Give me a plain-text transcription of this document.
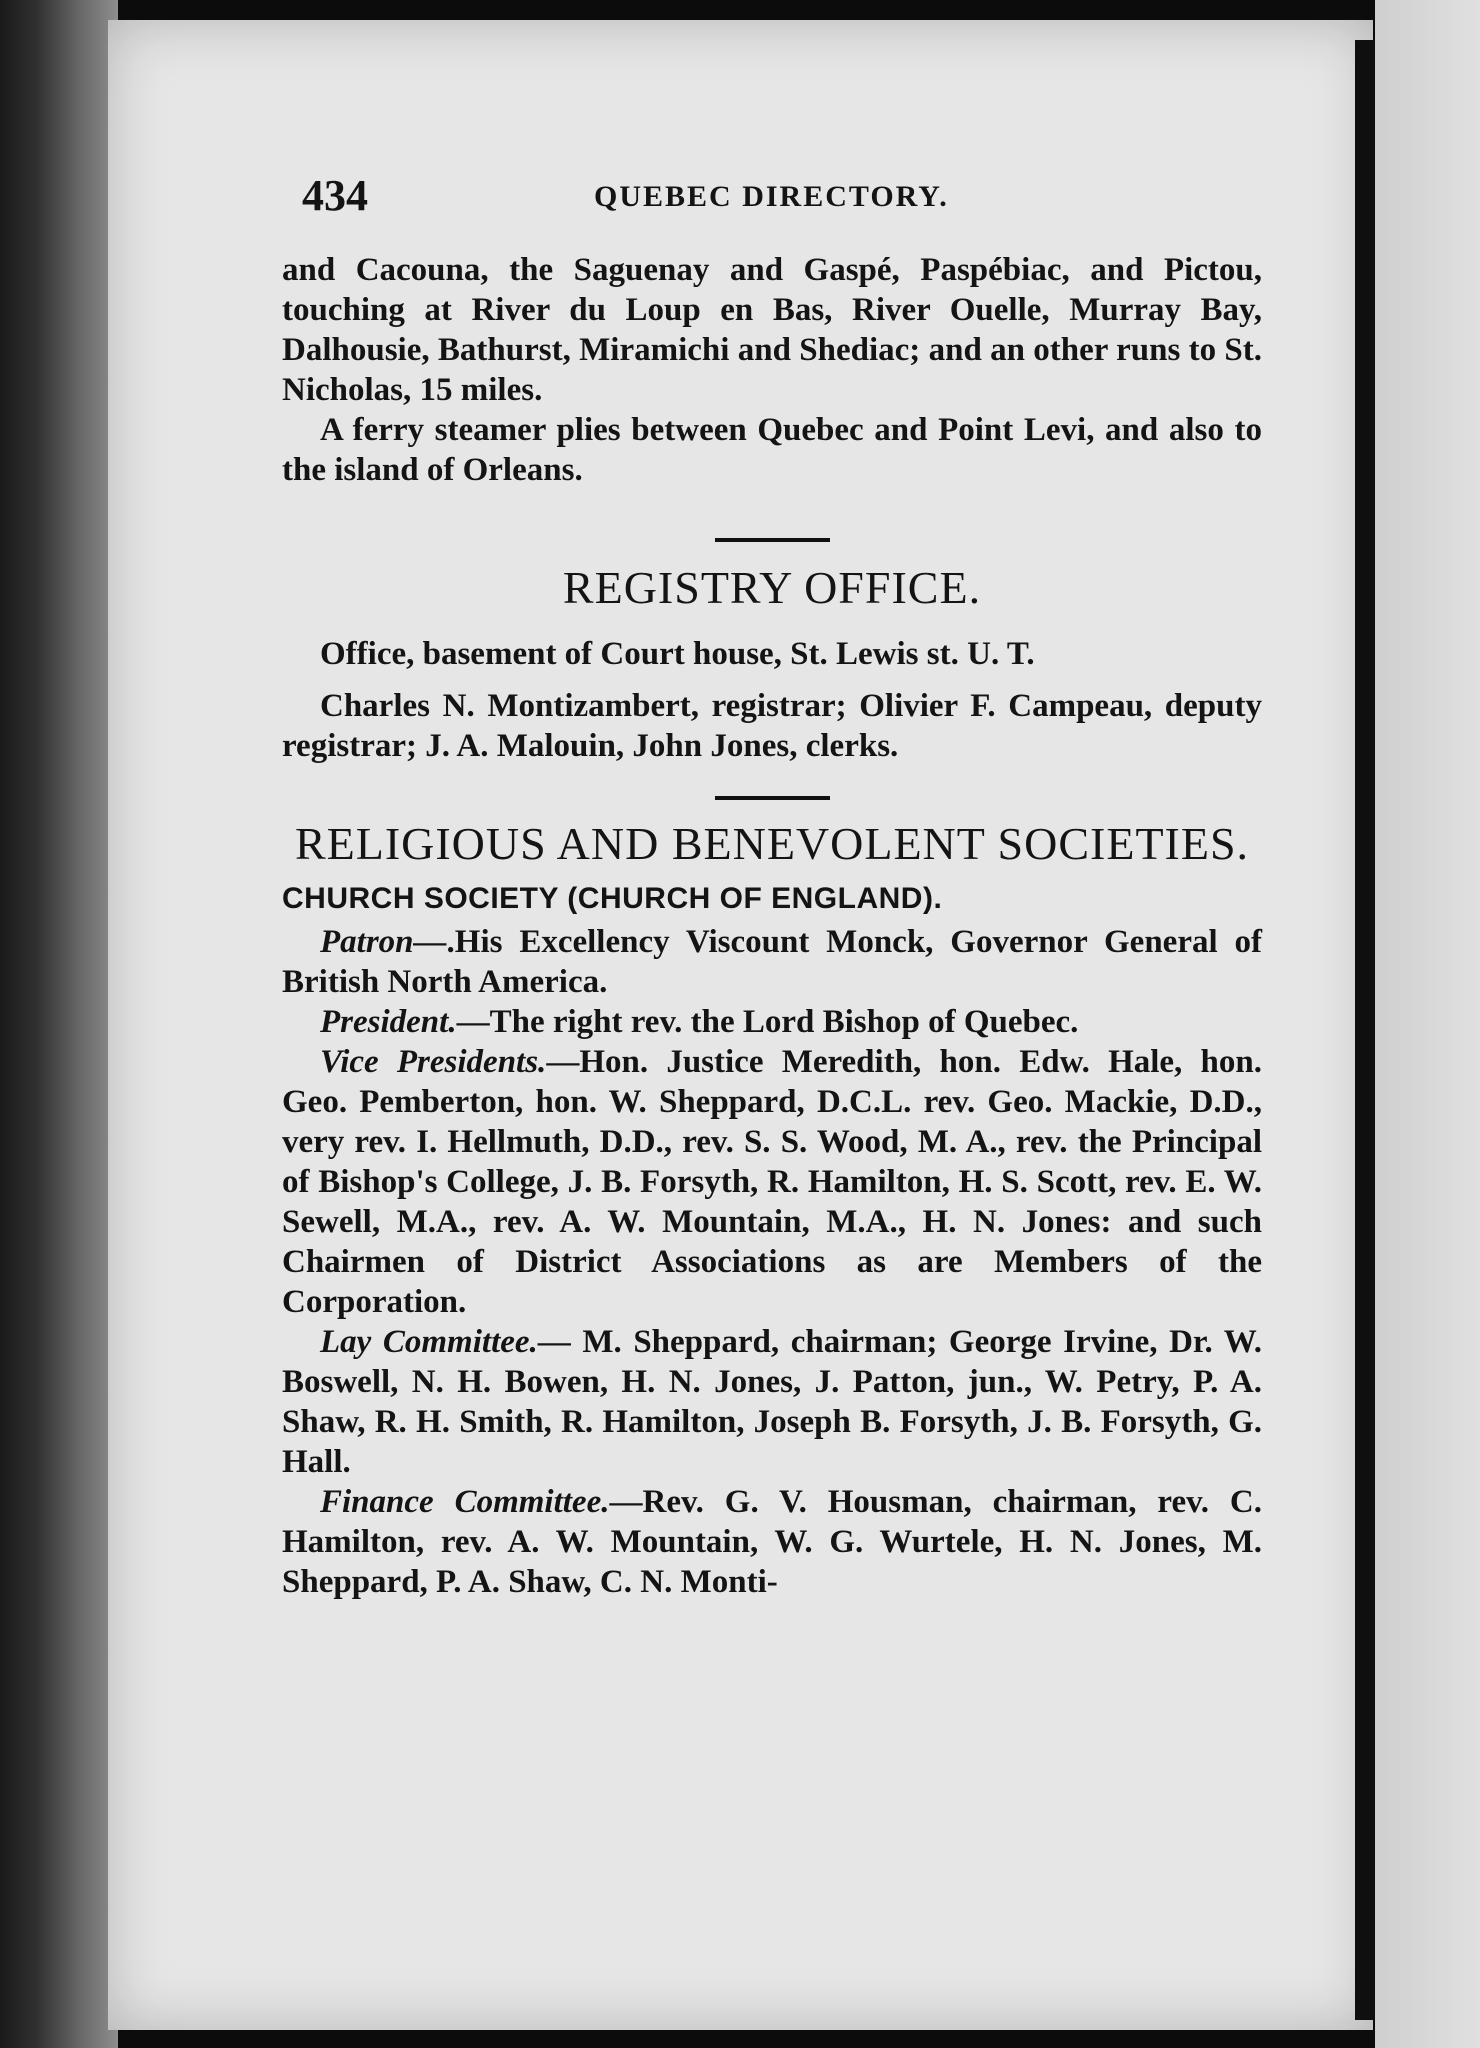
434	QUEBEC DIRECTORY.

and Cacouna, the Saguenay and Gaspé, Paspébiac, and Pictou, touching at River du Loup en Bas, River Ouelle, Murray Bay, Dalhousie, Bathurst, Miramichi and Shediac; and an other runs to St. Nicholas, 15 miles.

A ferry steamer plies between Quebec and Point Levi, and also to the island of Orleans.

REGISTRY OFFICE.

Office, basement of Court house, St. Lewis st. U. T.

Charles N. Montizambert, registrar; Olivier F. Campeau, deputy registrar; J. A. Malouin, John Jones, clerks.

RELIGIOUS AND BENEVOLENT SOCIETIES.
CHURCH SOCIETY (CHURCH OF ENGLAND).

Patron—.His Excellency Viscount Monck, Governor General of British North America.

President.—The right rev. the Lord Bishop of Quebec.

Vice Presidents.—Hon. Justice Meredith, hon. Edw. Hale, hon. Geo. Pemberton, hon. W. Sheppard, D.C.L. rev. Geo. Mackie, D.D., very rev. I. Hellmuth, D.D., rev. S. S. Wood, M. A., rev. the Principal of Bishop's College, J. B. Forsyth, R. Hamilton, H. S. Scott, rev. E. W. Sewell, M.A., rev. A. W. Mountain, M.A., H. N. Jones: and such Chairmen of District Associations as are Members of the Corporation.

Lay Committee.— M. Sheppard, chairman; George Irvine, Dr. W. Boswell, N. H. Bowen, H. N. Jones, J. Patton, jun., W. Petry, P. A. Shaw, R. H. Smith, R. Hamilton, Joseph B. Forsyth, J. B. Forsyth, G. Hall.

Finance Committee.—Rev. G. V. Housman, chairman, rev. C. Hamilton, rev. A. W. Mountain, W. G. Wurtele, H. N. Jones, M. Sheppard, P. A. Shaw, C. N. Monti-
